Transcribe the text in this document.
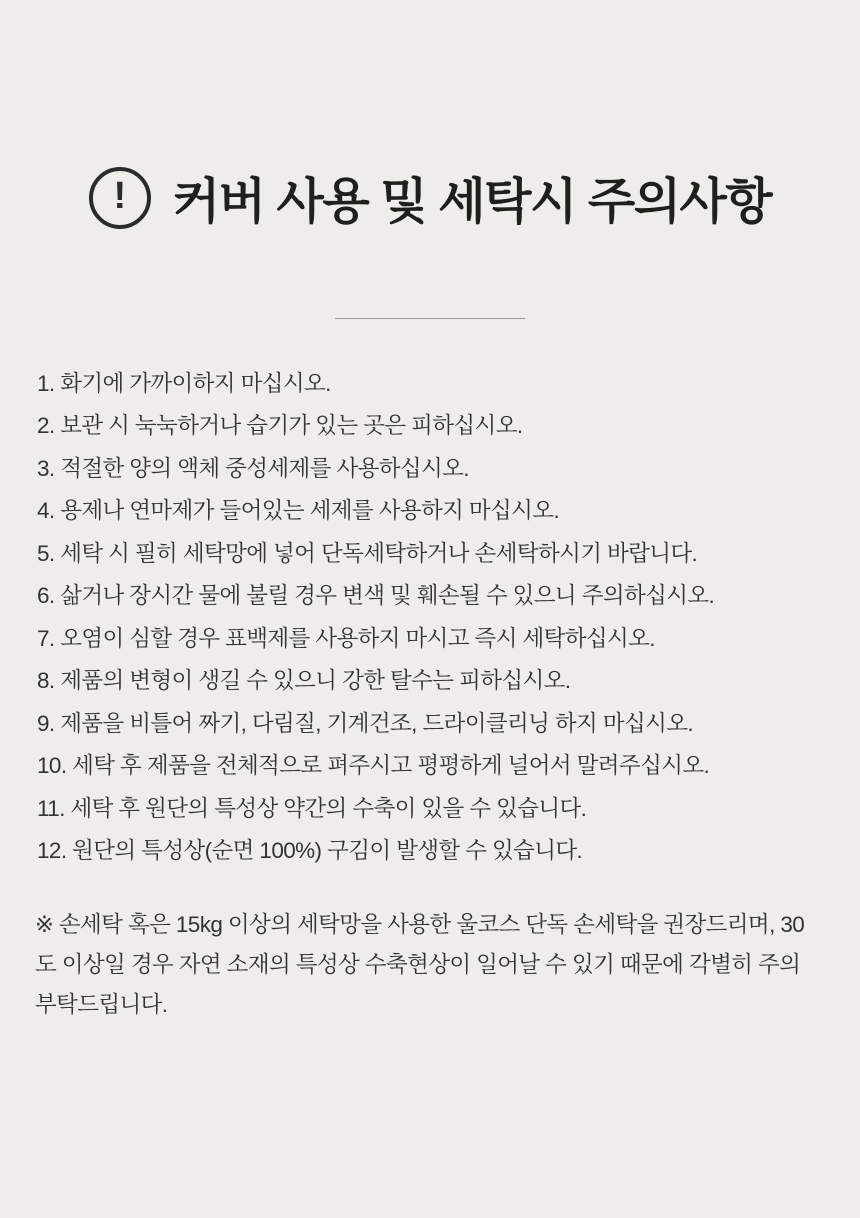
! 커버 사용 및 세탁시 주의사항
1. 화기에 가까이하지 마십시오.
2. 보관 시 눅눅하거나 습기가 있는 곳은 피하십시오.
3. 적절한 양의 액체 중성세제를 사용하십시오.
4. 용제나 연마제가 들어있는 세제를 사용하지 마십시오.
5. 세탁 시 필히 세탁망에 넣어 단독세탁하거나 손세탁하시기 바랍니다.
6. 삶거나 장시간 물에 불릴 경우 변색 및 훼손될 수 있으니 주의하십시오.
7. 오염이 심할 경우 표백제를 사용하지 마시고 즉시 세탁하십시오.
8. 제품의 변형이 생길 수 있으니 강한 탈수는 피하십시오.
9. 제품을 비틀어 짜기, 다림질, 기계건조, 드라이클리닝 하지 마십시오.
10. 세탁 후 제품을 전체적으로 펴주시고 평평하게 널어서 말려주십시오.
11. 세탁 후 원단의 특성상 약간의 수축이 있을 수 있습니다.
12. 원단의 특성상(순면 100%) 구김이 발생할 수 있습니다.

※ 손세탁 혹은 15kg 이상의 세탁망을 사용한 울코스 단독 손세탁을 권장드리며, 30도 이상일 경우 자연 소재의 특성상 수축현상이 일어날 수 있기 때문에 각별히 주의 부탁드립니다.
